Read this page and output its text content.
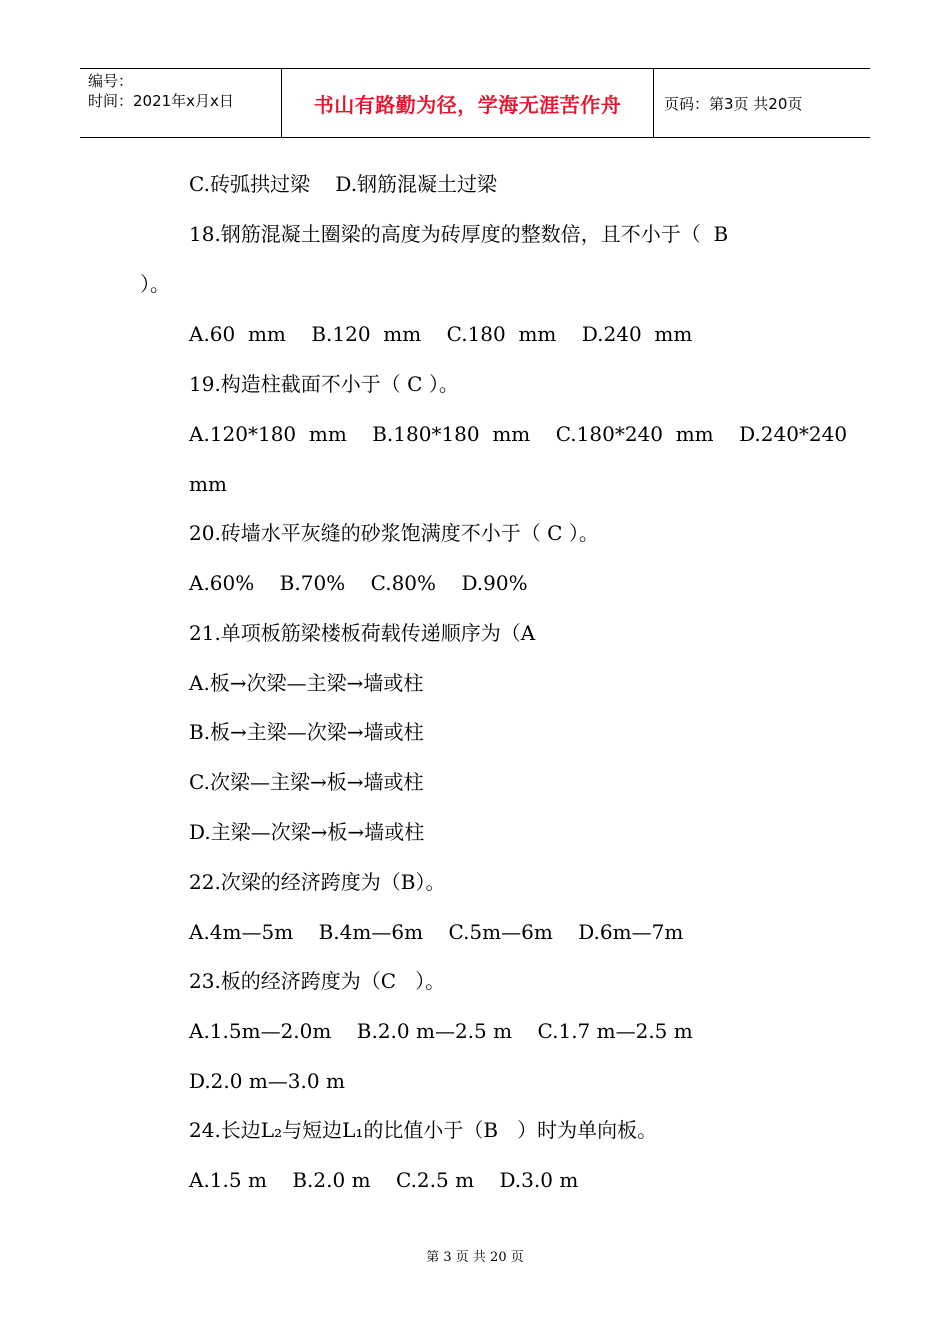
编号：
时间：2021年x月x日	书山有路勤为径，学海无涯苦作舟	页码：第3页 共20页
C.砖弧拱过梁    D.钢筋混凝土过梁
18.钢筋混凝土圈梁的高度为砖厚度的整数倍，且不小于（  B
）。
A.60  mm    B.120  mm    C.180  mm    D.240  mm
19.构造柱截面不小于（ C ）。
A.120*180  mm    B.180*180  mm    C.180*240  mm    D.240*240
mm
20.砖墙水平灰缝的砂浆饱满度不小于（ C ）。
A.60%    B.70%    C.80%    D.90%
21.单项板筋梁楼板荷载传递顺序为（A
A.板→次梁—主梁→墙或柱
B.板→主梁—次梁→墙或柱
C.次梁—主梁→板→墙或柱
D.主梁—次梁→板→墙或柱
22.次梁的经济跨度为（B）。
A.4m—5m    B.4m—6m    C.5m—6m    D.6m—7m
23.板的经济跨度为（C   ）。
A.1.5m—2.0m    B.2.0 m—2.5 m    C.1.7 m—2.5 m
D.2.0 m—3.0 m
24.长边L₂与短边L₁的比值小于（B   ）时为单向板。
A.1.5 m    B.2.0 m    C.2.5 m    D.3.0 m
第 3 页 共 20 页
